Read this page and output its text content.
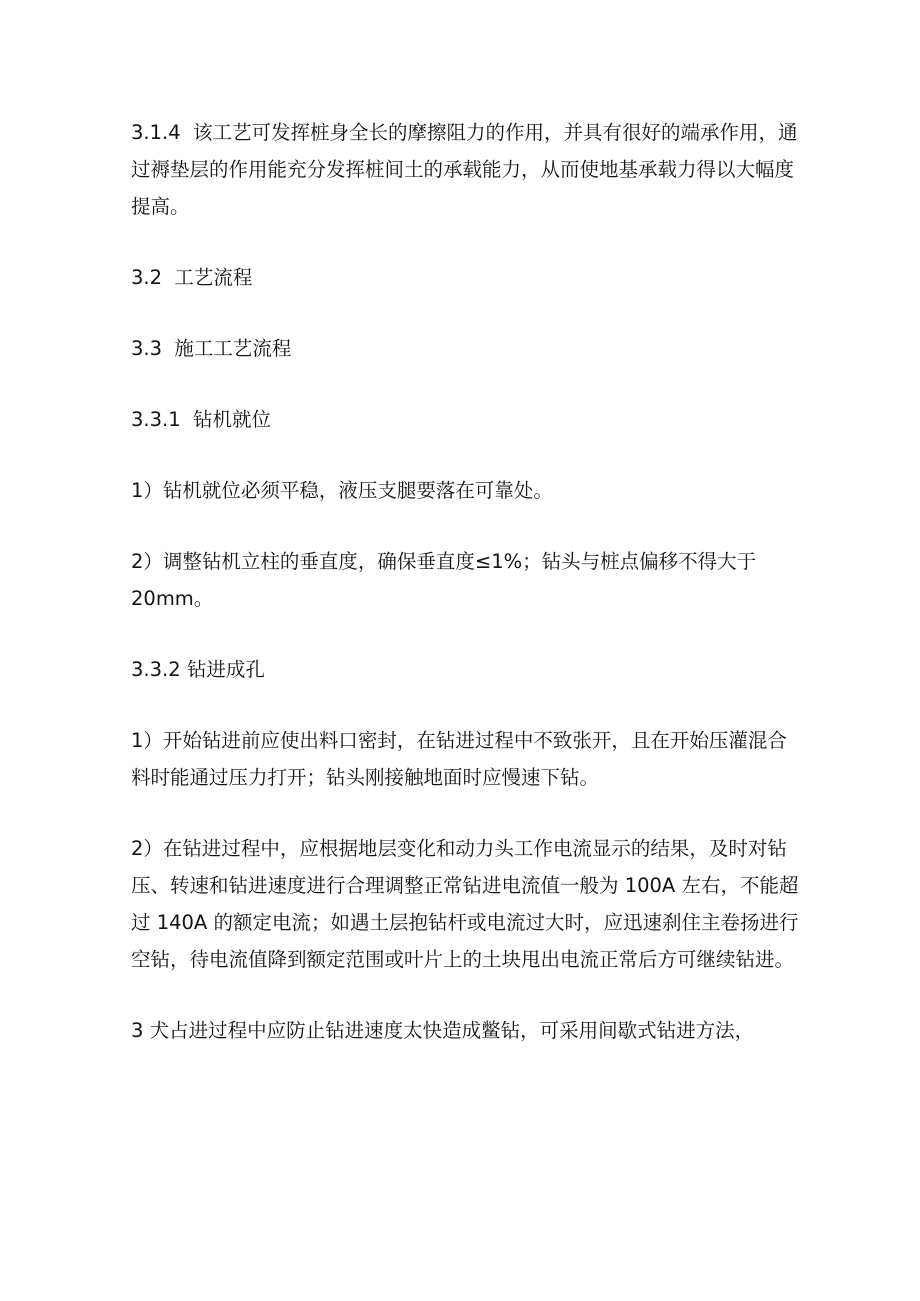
3.1.4  该工艺可发挥桩身全长的摩擦阻力的作用，并具有很好的端承作用，通过褥垫层的作用能充分发挥桩间土的承载能力，从而使地基承载力得以大幅度提高。

3.2  工艺流程

3.3  施工工艺流程

3.3.1  钻机就位

1）钻机就位必须平稳，液压支腿要落在可靠处。

2）调整钻机立柱的垂直度，确保垂直度≤1%；钻头与桩点偏移不得大于20mm。

3.3.2 钻进成孔

1）开始钻进前应使出料口密封，在钻进过程中不致张开，且在开始压灌混合料时能通过压力打开；钻头刚接触地面时应慢速下钻。

2）在钻进过程中，应根据地层变化和动力头工作电流显示的结果，及时对钻压、转速和钻进速度进行合理调整正常钻进电流值一般为 100A 左右，不能超过 140A 的额定电流；如遇土层抱钻杆或电流过大时，应迅速刹住主卷扬进行空钻，待电流值降到额定范围或叶片上的土块甩出电流正常后方可继续钻进。

3 犬占进过程中应防止钻进速度太快造成鳖钻，可采用间歇式钻进方法，
